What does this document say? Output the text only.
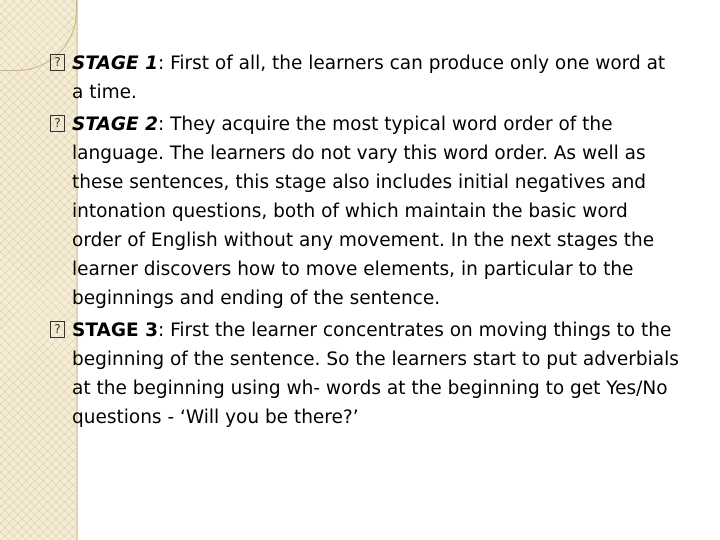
? STAGE 1: First of all, the learners can produce only one word at a time.
? STAGE 2: They acquire the most typical word order of the language. The learners do not vary this word order. As well as these sentences, this stage also includes initial negatives and intonation questions, both of which maintain the basic word order of English without any movement. In the next stages the learner discovers how to move elements, in particular to the beginnings and ending of the sentence.
? STAGE 3: First the learner concentrates on moving things to the beginning of the sentence. So the learners start to put adverbials at the beginning using wh- words at the beginning to get Yes/No questions - ‘Will you be there?’
